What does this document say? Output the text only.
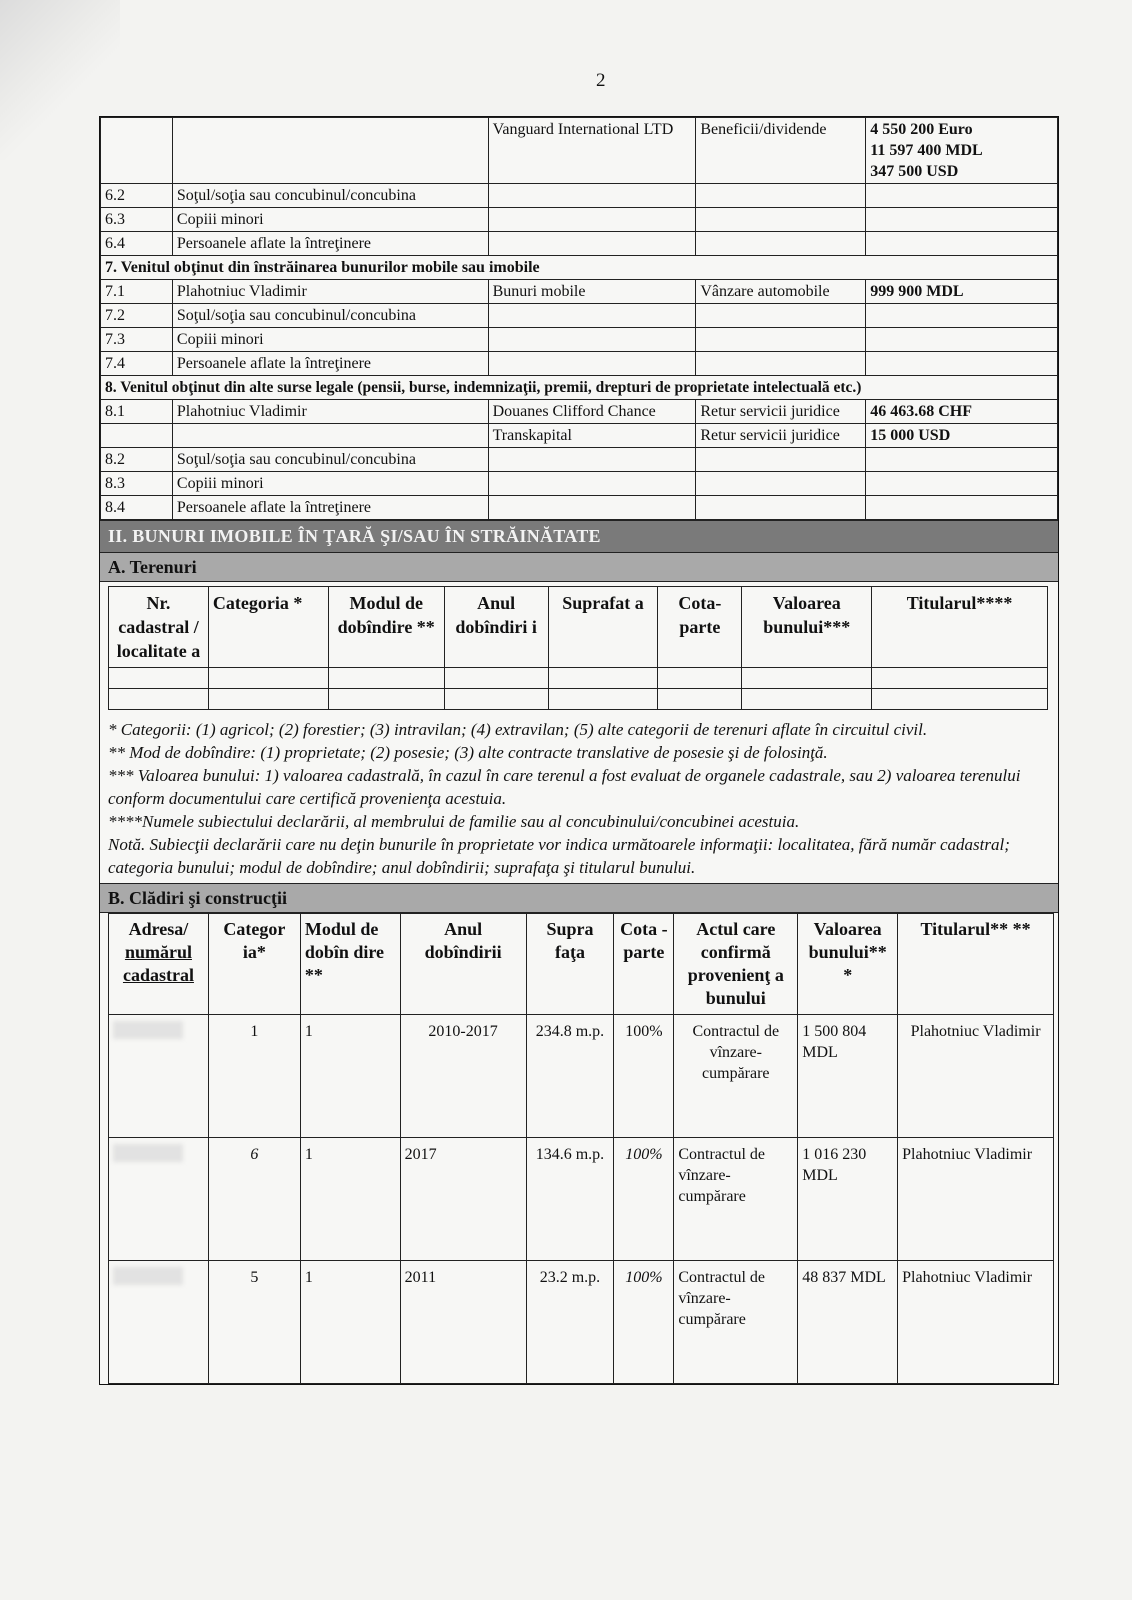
2
		Vanguard International LTD	Beneficii/dividende	4 550 200 Euro
11 597 400 MDL
347 500 USD
6.2	Soţul/soţia sau concubinul/concubina			
6.3	Copiii minori			
6.4	Persoanele aflate la întreţinere			
7. Venitul obţinut din înstrăinarea bunurilor mobile sau imobile				
7.1	Plahotniuc Vladimir	Bunuri mobile	Vânzare automobile	999 900 MDL
7.2	Soţul/soţia sau concubinul/concubina			
7.3	Copiii minori			
7.4	Persoanele aflate la întreţinere			
8. Venitul obţinut din alte surse legale (pensii, burse, indemnizaţii, premii, drepturi de proprietate intelectuală etc.)				
8.1	Plahotniuc Vladimir	Douanes Clifford Chance	Retur servicii juridice	46 463.68 CHF
		Transkapital	Retur servicii juridice	15 000 USD
8.2	Soţul/soţia sau concubinul/concubina			
8.3	Copiii minori			
8.4	Persoanele aflate la întreţinere			
II. BUNURI IMOBILE ÎN ŢARĂ ŞI/SAU ÎN STRĂINĂTATE
A. Terenuri
Nr. cadastral / localitate a	Categoria *	Modul de dobîndire **	Anul dobîndiri i	Suprafat a	Cota-parte	Valoarea bunului***	Titularul****

* Categorii: (1) agricol; (2) forestier; (3) intravilan; (4) extravilan; (5) alte categorii de terenuri aflate în circuitul civil.
** Mod de dobîndire: (1) proprietate; (2) posesie; (3) alte contracte translative de posesie şi de folosinţă.
*** Valoarea bunului: 1) valoarea cadastrală, în cazul în care terenul a fost evaluat de organele cadastrale, sau 2) valoarea terenului conform documentului care certifică provenienţa acestuia.
****Numele subiectului declarării, al membrului de familie sau al concubinului/concubinei acestuia.
Notă. Subiecţii declarării care nu deţin bunurile în proprietate vor indica următoarele informaţii: localitatea, fără număr cadastral; categoria bunului; modul de dobîndire; anul dobîndirii; suprafaţa şi titularul bunului.
B. Clădiri şi construcţii
Adresa/
numărul
cadastral	Categor ia*	Modul de dobîn dire **	Anul dobîndirii	Supra faţa	Cota - parte	Actul care confirmă provenienţ a bunului	Valoarea bunului** *	Titularul** **
	1	1	2010-2017	234.8 m.p.	100%	Contractul de vînzare-cumpărare	1 500 804 MDL	Plahotniuc Vladimir
	6	1	2017	134.6 m.p.	100%	Contractul de vînzare-cumpărare	1 016 230 MDL	Plahotniuc Vladimir
	5	1	2011	23.2 m.p.	100%	Contractul de vînzare-cumpărare	48 837 MDL	Plahotniuc Vladimir
